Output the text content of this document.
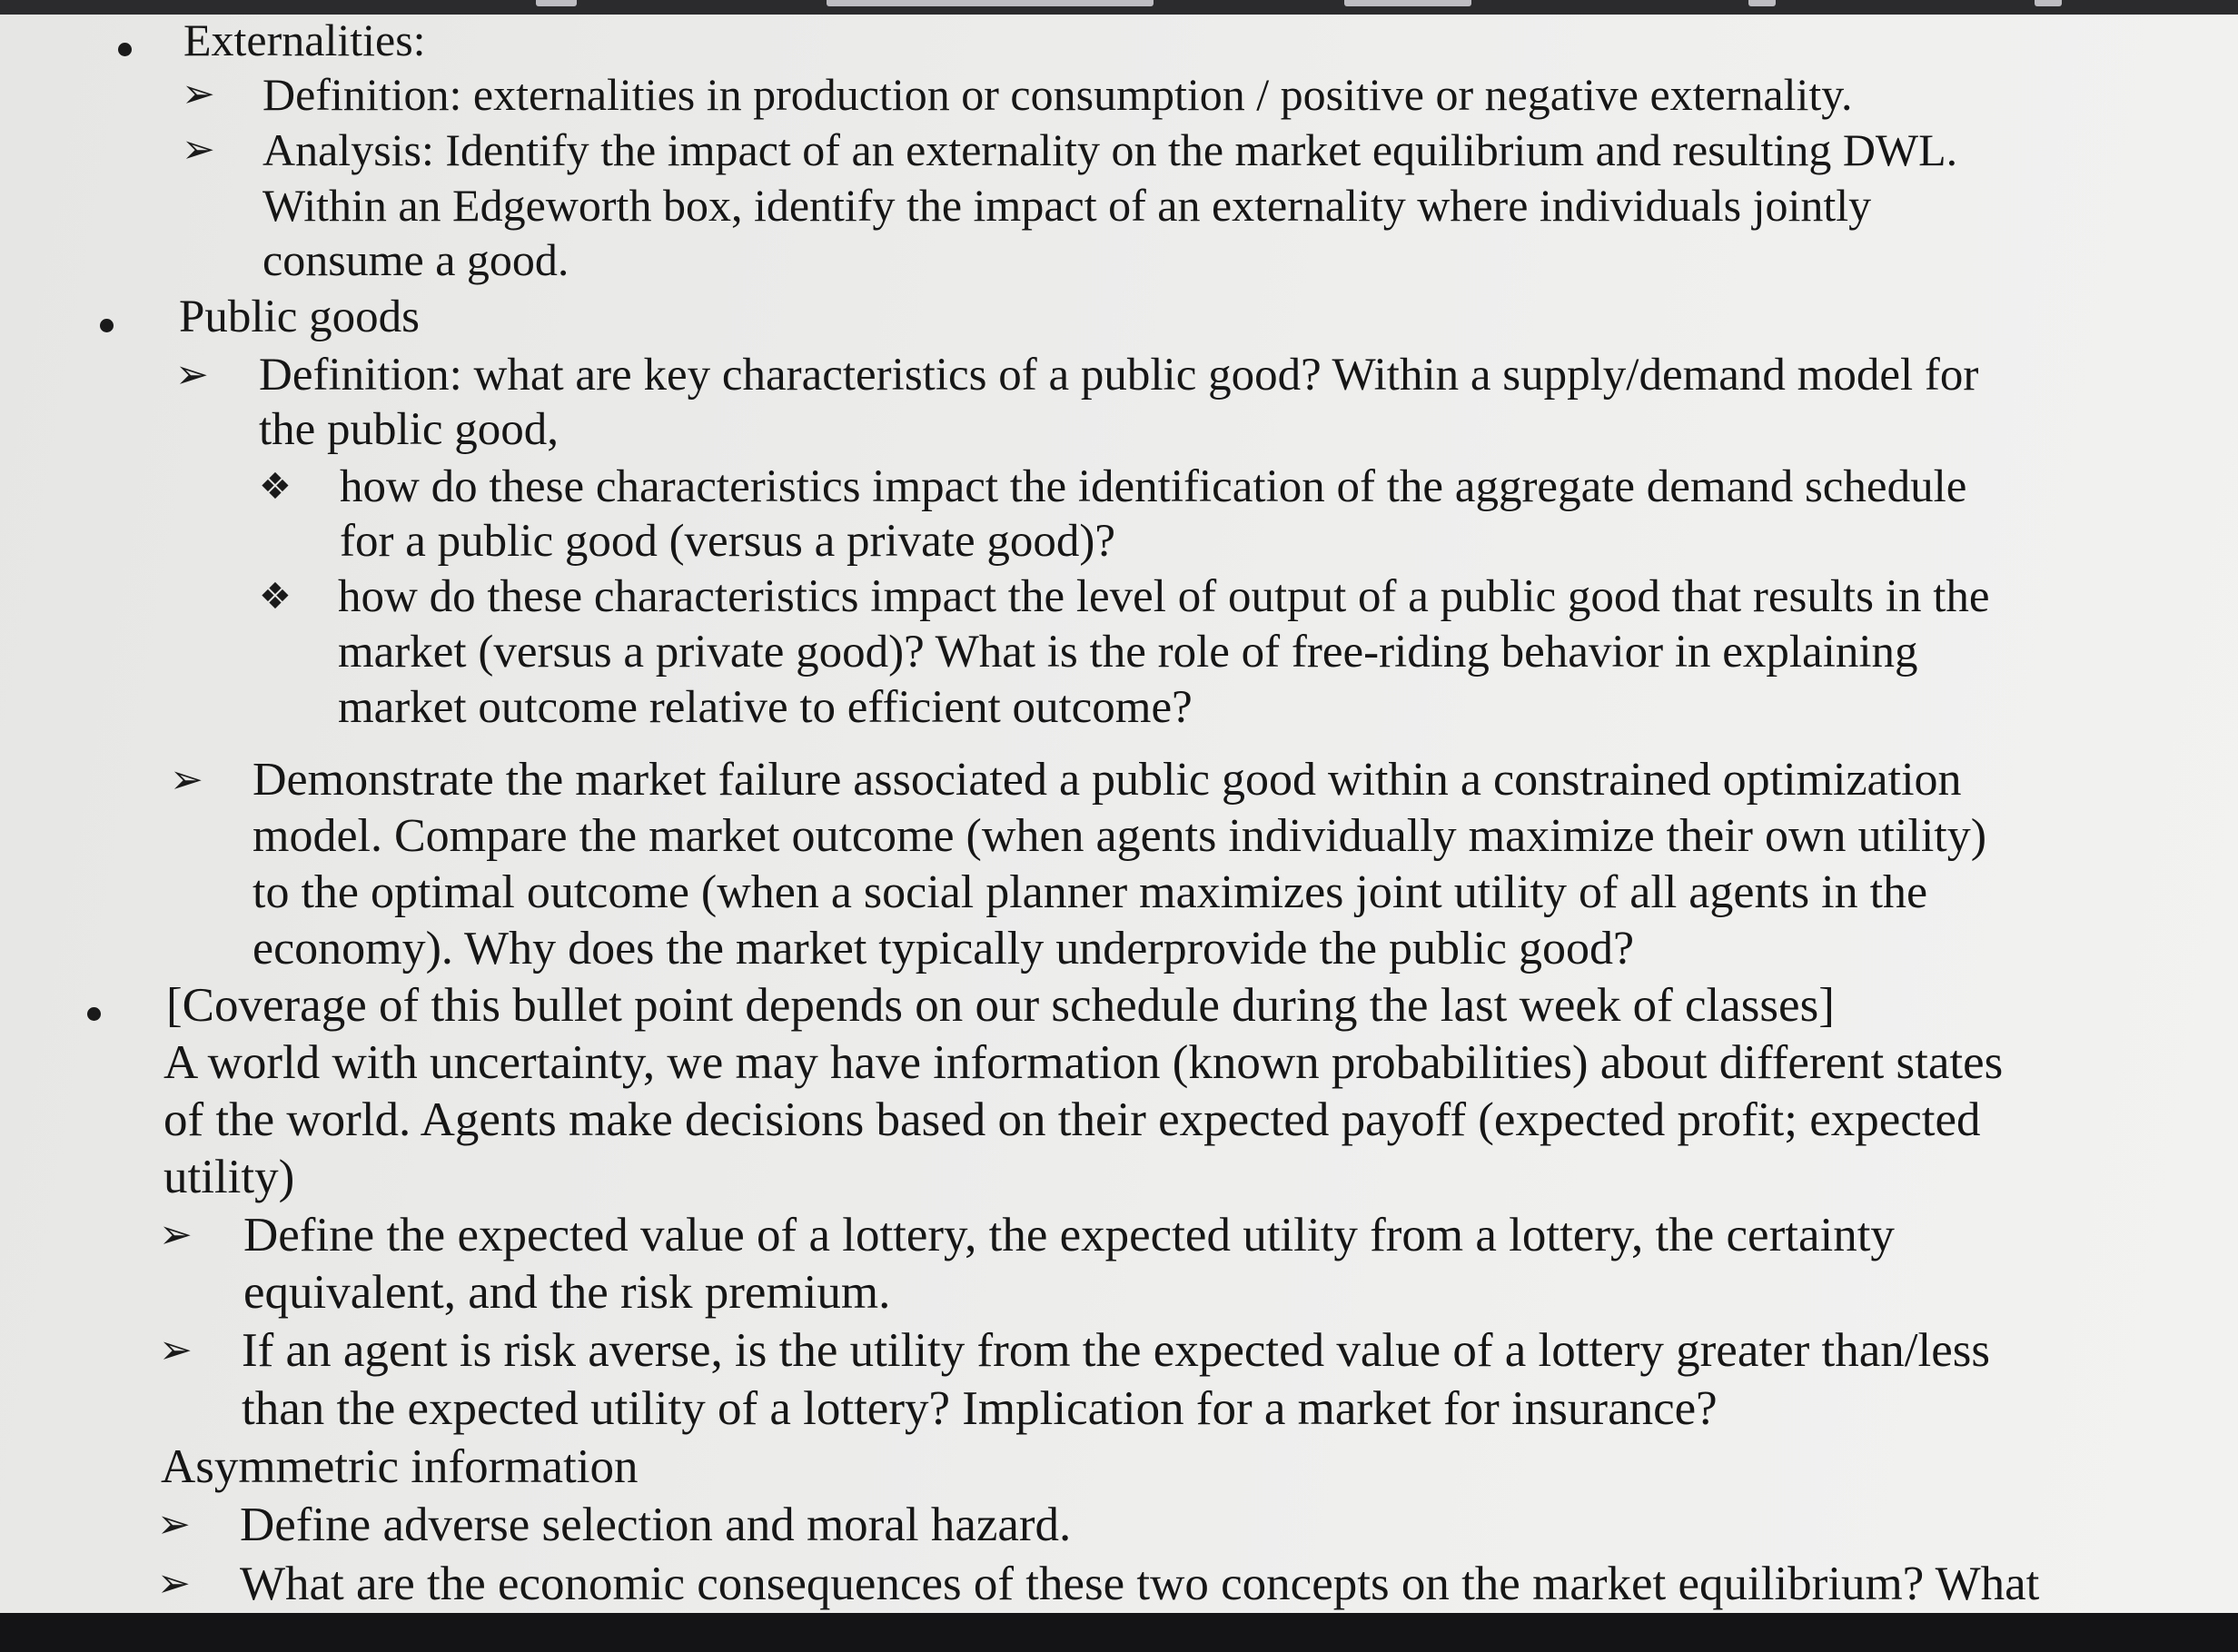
Externalities:
➢ Definition: externalities in production or consumption / positive or negative externality.
➢ Analysis: Identify the impact of an externality on the market equilibrium and resulting DWL.
Within an Edgeworth box, identify the impact of an externality where individuals jointly
consume a good.
Public goods
➢ Definition: what are key characteristics of a public good? Within a supply/demand model for
the public good,
❖ how do these characteristics impact the identification of the aggregate demand schedule
for a public good (versus a private good)?
❖ how do these characteristics impact the level of output of a public good that results in the
market (versus a private good)? What is the role of free-riding behavior in explaining
market outcome relative to efficient outcome?
➢ Demonstrate the market failure associated a public good within a constrained optimization
model. Compare the market outcome (when agents individually maximize their own utility)
to the optimal outcome (when a social planner maximizes joint utility of all agents in the
economy). Why does the market typically underprovide the public good?
[Coverage of this bullet point depends on our schedule during the last week of classes]
A world with uncertainty, we may have information (known probabilities) about different states
of the world. Agents make decisions based on their expected payoff (expected profit; expected
utility)
➢ Define the expected value of a lottery, the expected utility from a lottery, the certainty
equivalent, and the risk premium.
➢ If an agent is risk averse, is the utility from the expected value of a lottery greater than/less
than the expected utility of a lottery? Implication for a market for insurance?
Asymmetric information
➢ Define adverse selection and moral hazard.
➢ What are the economic consequences of these two concepts on the market equilibrium? What
